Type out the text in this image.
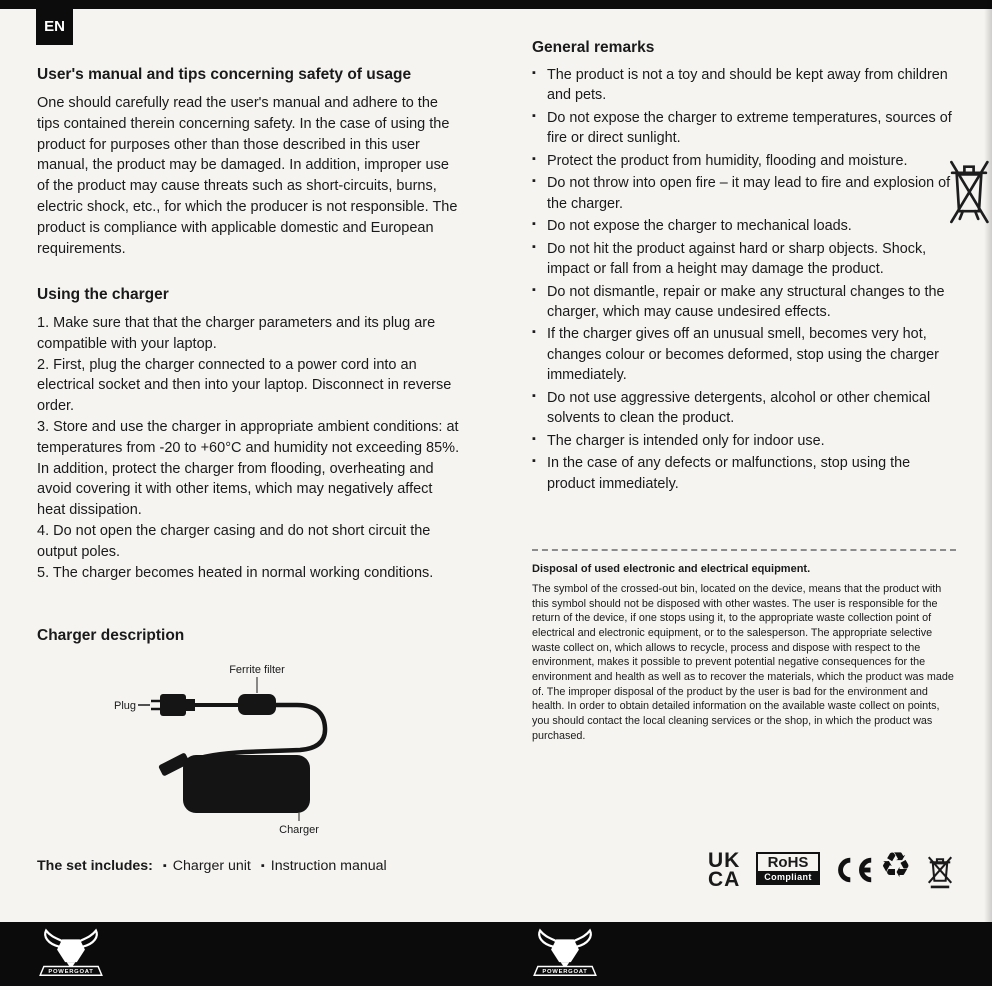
EN
User's manual and tips concerning safety of usage

One should carefully read the user's manual and adhere to the tips contained therein concerning safety. In the case of using the product for purposes other than those described in this user manual, the product may be damaged. In addition, improper use of the product may cause threats such as short-circuits, burns, electric shock, etc., for which the producer is not responsible. The product is compliance with applicable domestic and European requirements.

Using the charger

1. Make sure that that the charger parameters and its plug are compatible with your laptop.

2. First, plug the charger connected to a power cord into an electrical socket and then into your laptop. Disconnect in reverse order.

3. Store and use the charger in appropriate ambient conditions: at temperatures from -20 to +60°C and humidity not exceeding 85%. In addition, protect the charger from flooding, overheating and avoid covering it with other items, which may negatively affect heat dissipation.

4. Do not open the charger casing and do not short circuit the output poles.

5. The charger becomes heated in normal working conditions.

Charger description
Ferrite filter
Plug
Charger
The set includes: ▪ Charger unit ▪ Instruction manual
General remarks
▪ The product is not a toy and should be kept away from children and pets.
▪ Do not expose the charger to extreme temperatures, sources of fire or direct sunlight.
▪ Protect the product from humidity, flooding and moisture.
▪ Do not throw into open fire – it may lead to fire and explosion of the charger.
▪ Do not expose the charger to mechanical loads.
▪ Do not hit the product against hard or sharp objects. Shock, impact or fall from a height may damage the product.
▪ Do not dismantle, repair or make any structural changes to the charger, which may cause undesired effects.
▪ If the charger gives off an unusual smell, becomes very hot, changes colour or becomes deformed, stop using the charger immediately.
▪ Do not use aggressive detergents, alcohol or other chemical solvents to clean the product.
▪ The charger is intended only for indoor use.
▪ In the case of any defects or malfunctions, stop using the product immediately.
Disposal of used electronic and electrical equipment.

The symbol of the crossed-out bin, located on the device, means that the product with this symbol should not be disposed with other wastes. The user is responsible for the return of the device, if one stops using it, to the appropriate waste collection point of electrical and electronic equipment, or to the salesperson. The appropriate selective waste collect on, which allows to recycle, process and dispose with respect to the environment, makes it possible to prevent potential negative consequences for the environment and health as well as to recover the materials, which the product was made of. The improper disposal of the product by the user is bad for the environment and health. In order to obtain detailed information on the available waste collect on points, you should contact the local cleaning services or the shop, in which the product was purchased.

UK
CA
RoHS
Compliant ♻
POWERGOAT	POWERGOAT
